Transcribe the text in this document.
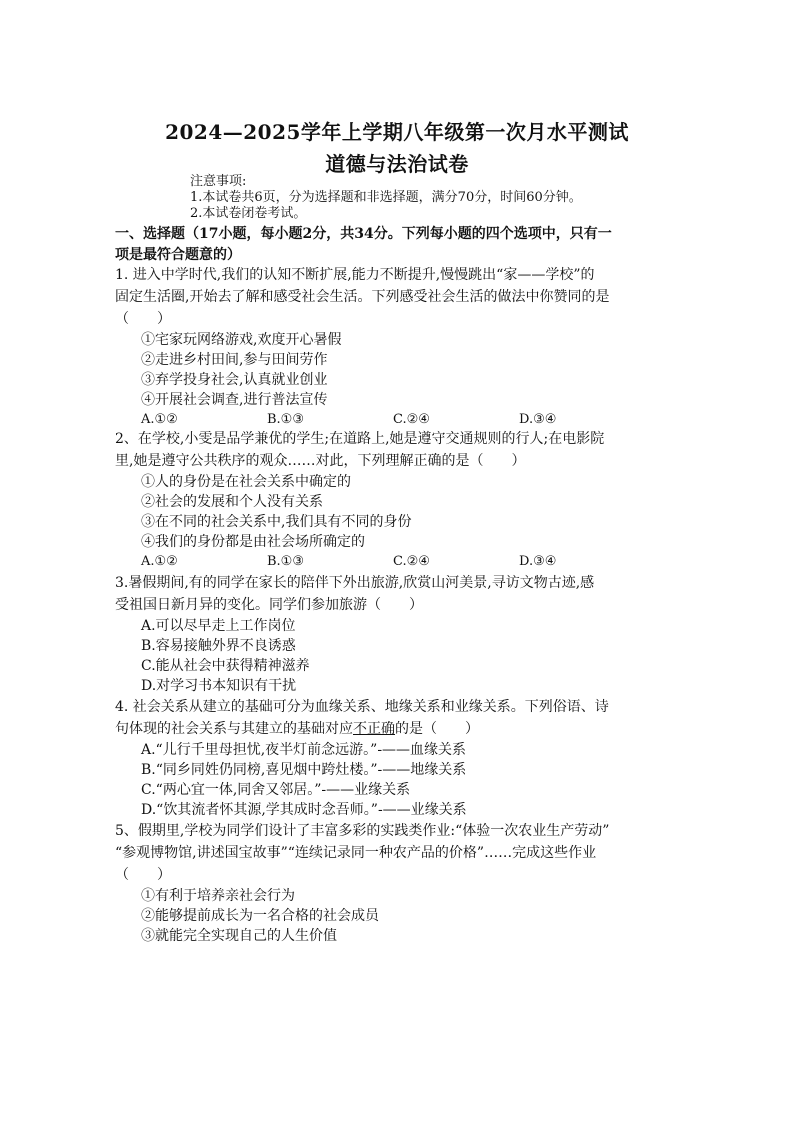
2024—2025学年上学期八年级第一次月水平测试
道德与法治试卷
注意事项:
1.本试卷共6页，分为选择题和非选择题，满分70分，时间60分钟。
2.本试卷闭卷考试。
一、选择题（17小题，每小题2分，共34分。下列每小题的四个选项中，只有一
项是最符合题意的）
1. 进入中学时代,我们的认知不断扩展,能力不断提升,慢慢跳出“家——学校”的
固定生活圈,开始去了解和感受社会生活。下列感受社会生活的做法中你赞同的是
（　　）
①宅家玩网络游戏,欢度开心暑假
②走进乡村田间,参与田间劳作
③弃学投身社会,认真就业创业
④开展社会调查,进行普法宣传
A.①②	B.①③	C.②④	D.③④
2、在学校,小雯是品学兼优的学生;在道路上,她是遵守交通规则的行人;在电影院
里,她是遵守公共秩序的观众……对此，下列理解正确的是（　　）
①人的身份是在社会关系中确定的
②社会的发展和个人没有关系
③在不同的社会关系中,我们具有不同的身份
④我们的身份都是由社会场所确定的
A.①②	B.①③	C.②④	D.③④
3.暑假期间,有的同学在家长的陪伴下外出旅游,欣赏山河美景,寻访文物古迹,感
受祖国日新月异的变化。同学们参加旅游（　　）
A.可以尽早走上工作岗位
B.容易接触外界不良诱惑
C.能从社会中获得精神滋养
D.对学习书本知识有干扰
4. 社会关系从建立的基础可分为血缘关系、地缘关系和业缘关系。下列俗语、诗
句体现的社会关系与其建立的基础对应不正确的是（　　）
A.“儿行千里母担忧,夜半灯前念远游。”-——血缘关系
B.“同乡同姓仍同榜,喜见烟中跨灶楼。”-——地缘关系
C.“两心宜一体,同舍又邻居。”-——业缘关系
D.“饮其流者怀其源,学其成时念吾师。”-——业缘关系
5、假期里,学校为同学们设计了丰富多彩的实践类作业:“体验一次农业生产劳动”
“参观博物馆,讲述国宝故事”“连续记录同一种农产品的价格”……完成这些作业
（　　）
①有利于培养亲社会行为
②能够提前成长为一名合格的社会成员
③就能完全实现自己的人生价值
